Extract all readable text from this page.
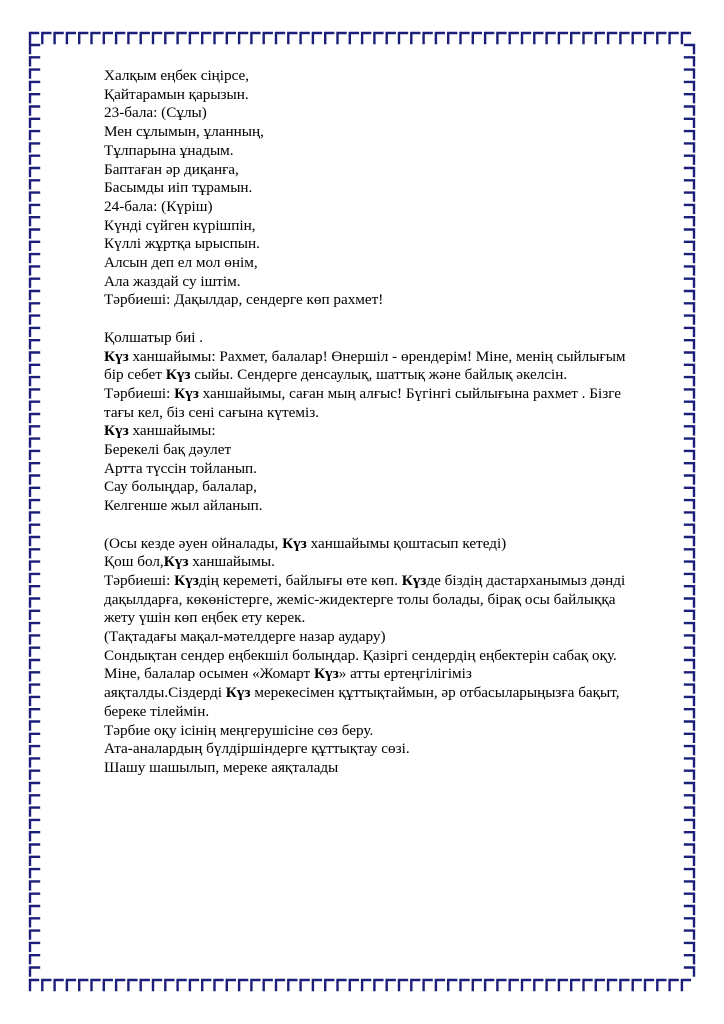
Халқым еңбек сіңірсе,
Қайтарамын қарызын.
23-бала: (Сұлы)
Мен сұлымын, ұланның,
Тұлпарына ұнадым.
Баптаған әр диқанға,
Басымды иіп тұрамын.
24-бала: (Күріш)
Күнді сүйген күрішпін,
Күллі жұртқа ырыспын.
Алсын деп ел мол өнім,
Ала жаздай су іштім.
Тәрбиеші: Дақылдар, сендерге көп рахмет!
Қолшатыр биі .
Күз ханшайымы: Рахмет, балалар! Өнершіл - өрендерім! Міне, менің сыйлығым
бір себет Күз сыйы. Сендерге денсаулық, шаттық және байлық әкелсін.
Тәрбиеші: Күз ханшайымы, саған мың алғыс! Бүгінгі сыйлығына рахмет . Бізге
тағы кел, біз сені сағына күтеміз.
Күз ханшайымы:
Берекелі бақ дәулет
Артта түссін тойланып.
Сау болыңдар, балалар,
Келгенше жыл айланып.
(Осы кезде әуен ойналады, Күз ханшайымы қоштасып кетеді)
Қош бол,Күз ханшайымы.
Тәрбиеші: Күздің кереметі, байлығы өте көп. Күзде біздің дастарханымыз дәнді
дақылдарға, көкөністерге, жеміс-жидектерге толы болады, бірақ осы байлыққа
жету үшін көп еңбек ету керек.
(Тақтадағы мақал-мәтелдерге назар аудару)
Сондықтан сендер еңбекшіл болыңдар. Қазіргі сендердің еңбектерін сабақ оқу.
Міне, балалар осымен «Жомарт Күз» атты ертеңгілігіміз
аяқталды.Сіздерді Күз мерекесімен құттықтаймын, әр отбасыларыңызға бақыт,
береке тілеймін.
Тәрбие оқу ісінің меңгерушісіне сөз беру.
Ата-аналардың бүлдіршіндерге құттықтау сөзі.
Шашу шашылып, мереке аяқталады
